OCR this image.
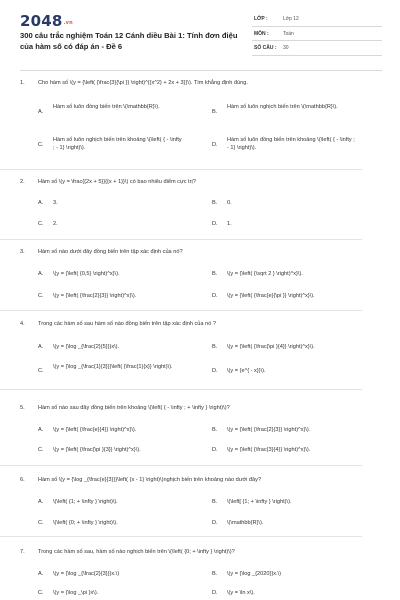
2048.vn
300 câu trắc nghiệm Toán 12 Cánh diều Bài 1: Tính đơn điệu của hàm số có đáp án - Đề 6
LỚP :	Lớp 12
MÔN :	Toán
SỐ CÂU : 30
1. Cho hàm số \(y = {\left( {\frac{3}{\pi }} \right)^{{x^2} + 2x + 3}}\). Tìm khẳng định đúng.
A.
Hàm số luôn đồng biến trên \(\mathbb{R}\).
B.
Hàm số luôn nghịch biến trên \(\mathbb{R}\).
C.
Hàm số luôn nghịch biến trên khoảng \(\left( { - \infty ; - 1} \right)\).	D.
Hàm số luôn đồng biến trên khoảng \(\left( { - \infty ; - 1} \right)\).
2. Hàm số \(y = \frac{{2x + 5}}{{x + 1}}\) có bao nhiêu điểm cực trị?
A. 3.	B. 0.
C. 2.	D. 1.
3. Hàm số nào dưới đây đồng biến trên tập xác định của nó?
A. \(y = {\left( {0,5} \right)^x}\).	B. \(y = {\left( {\sqrt 2 } \right)^x}\).
C. \(y = {\left( {\frac{2}{3}} \right)^x}\).	D. \(y = {\left( {\frac{e}{\pi }} \right)^x}\).
4. Trong các hàm số sau hàm số nào đồng biến trên tập xác định của nó ?
A. \(y = {\log _{\frac{2}{5}}}x\).	B. \(y = {\left( {\frac{\pi }{4}} \right)^x}\).
C.
\(y = {\log _{\frac{1}{3}}}\left( {\frac{1}{x}} \right)\).
D. \(y = {e^{ - x}}\).
5. Hàm số nào sau đây đồng biến trên khoảng \(\left( { - \infty ; + \infty } \right)\)?
A. \(y = {\left( {\frac{e}{4}} \right)^x}\).	B. \(y = {\left( {\frac{2}{3}} \right)^x}\).
C. \(y = {\left( {\frac{\pi }{3}} \right)^x}\).	D. \(y = {\left( {\frac{3}{4}} \right)^x}\).
6. Hàm số \(y = {\log _{\frac{e}{3}}}\left( {x - 1} \right)\)nghịch biến trên khoảng nào dưới đây?
A. \(\left( {1; + \infty } \right)\).	B. \(\left[ {1; + \infty } \right)\).
C. \(\left( {0; + \infty } \right)\).	D. \(\mathbb{R}\).
7. Trong các hàm số sau, hàm số nào nghịch biến trên \(\left( {0; + \infty } \right)\)?
A. \(y = {\log _{\frac{2}{3}}}x.\)	B. \(y = {\log _{2020}}x.\)
C. \(y = {\log _\pi }x\).	D. \(y = \ln x\).
